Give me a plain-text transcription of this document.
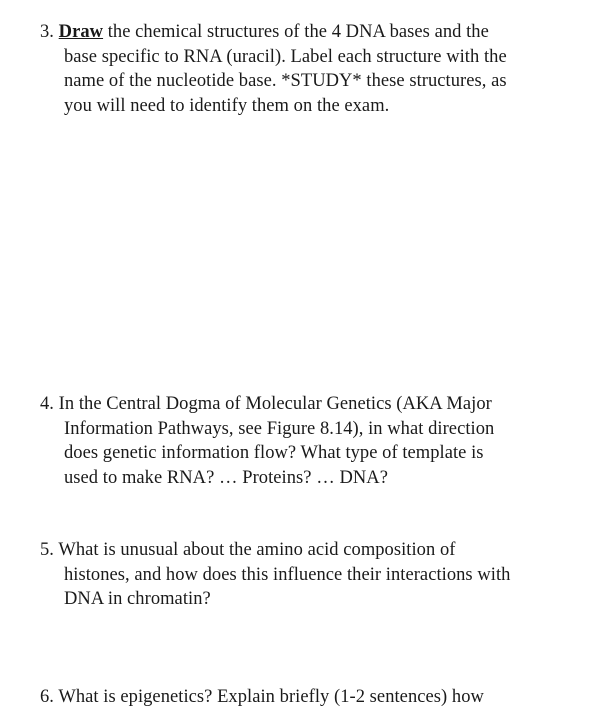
3. Draw the chemical structures of the 4 DNA bases and the
base specific to RNA (uracil). Label each structure with the
name of the nucleotide base. *STUDY* these structures, as
you will need to identify them on the exam.
4. In the Central Dogma of Molecular Genetics (AKA Major
Information Pathways, see Figure 8.14), in what direction
does genetic information flow? What type of template is
used to make RNA? … Proteins? … DNA?
5. What is unusual about the amino acid composition of
histones, and how does this influence their interactions with
DNA in chromatin?
6. What is epigenetics? Explain briefly (1-2 sentences) how
